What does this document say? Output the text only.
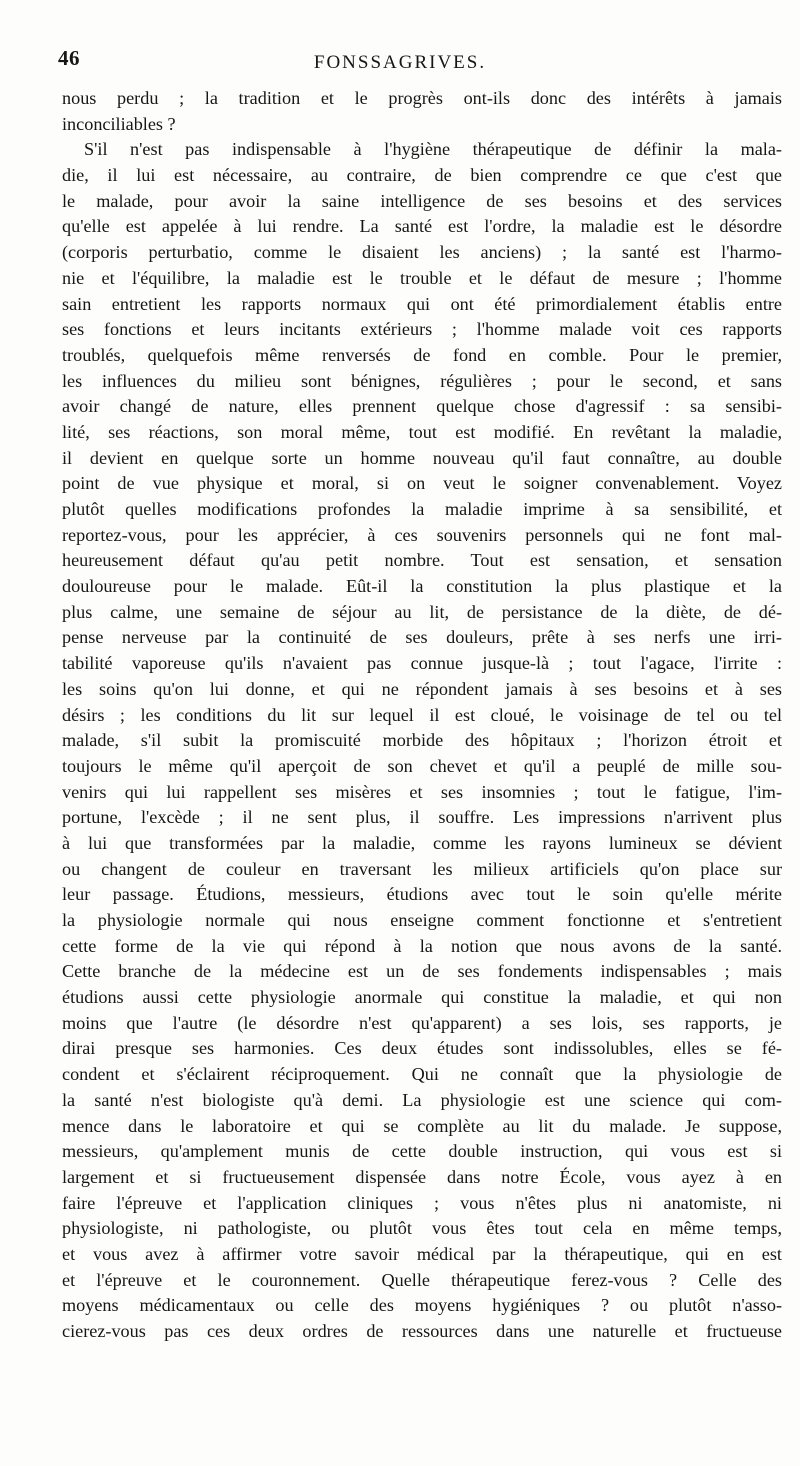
46	FONSSAGRIVES.
nous perdu ; la tradition et le progrès ont-ils donc des intérêts à jamais
inconciliables ?
S'il n'est pas indispensable à l'hygiène thérapeutique de définir la mala-
die, il lui est nécessaire, au contraire, de bien comprendre ce que c'est que
le malade, pour avoir la saine intelligence de ses besoins et des services
qu'elle est appelée à lui rendre. La santé est l'ordre, la maladie est le désordre
(corporis perturbatio, comme le disaient les anciens) ; la santé est l'harmo-
nie et l'équilibre, la maladie est le trouble et le défaut de mesure ; l'homme
sain entretient les rapports normaux qui ont été primordialement établis entre
ses fonctions et leurs incitants extérieurs ; l'homme malade voit ces rapports
troublés, quelquefois même renversés de fond en comble. Pour le premier,
les influences du milieu sont bénignes, régulières ; pour le second, et sans
avoir changé de nature, elles prennent quelque chose d'agressif : sa sensibi-
lité, ses réactions, son moral même, tout est modifié. En revêtant la maladie,
il devient en quelque sorte un homme nouveau qu'il faut connaître, au double
point de vue physique et moral, si on veut le soigner convenablement. Voyez
plutôt quelles modifications profondes la maladie imprime à sa sensibilité, et
reportez-vous, pour les apprécier, à ces souvenirs personnels qui ne font mal-
heureusement défaut qu'au petit nombre. Tout est sensation, et sensation
douloureuse pour le malade. Eût-il la constitution la plus plastique et la
plus calme, une semaine de séjour au lit, de persistance de la diète, de dé-
pense nerveuse par la continuité de ses douleurs, prête à ses nerfs une irri-
tabilité vaporeuse qu'ils n'avaient pas connue jusque-là ; tout l'agace, l'irrite :
les soins qu'on lui donne, et qui ne répondent jamais à ses besoins et à ses
désirs ; les conditions du lit sur lequel il est cloué, le voisinage de tel ou tel
malade, s'il subit la promiscuité morbide des hôpitaux ; l'horizon étroit et
toujours le même qu'il aperçoit de son chevet et qu'il a peuplé de mille sou-
venirs qui lui rappellent ses misères et ses insomnies ; tout le fatigue, l'im-
portune, l'excède ; il ne sent plus, il souffre. Les impressions n'arrivent plus
à lui que transformées par la maladie, comme les rayons lumineux se dévient
ou changent de couleur en traversant les milieux artificiels qu'on place sur
leur passage. Étudions, messieurs, étudions avec tout le soin qu'elle mérite
la physiologie normale qui nous enseigne comment fonctionne et s'entretient
cette forme de la vie qui répond à la notion que nous avons de la santé.
Cette branche de la médecine est un de ses fondements indispensables ; mais
étudions aussi cette physiologie anormale qui constitue la maladie, et qui non
moins que l'autre (le désordre n'est qu'apparent) a ses lois, ses rapports, je
dirai presque ses harmonies. Ces deux études sont indissolubles, elles se fé-
condent et s'éclairent réciproquement. Qui ne connaît que la physiologie de
la santé n'est biologiste qu'à demi. La physiologie est une science qui com-
mence dans le laboratoire et qui se complète au lit du malade. Je suppose,
messieurs, qu'amplement munis de cette double instruction, qui vous est si
largement et si fructueusement dispensée dans notre École, vous ayez à en
faire l'épreuve et l'application cliniques ; vous n'êtes plus ni anatomiste, ni
physiologiste, ni pathologiste, ou plutôt vous êtes tout cela en même temps,
et vous avez à affirmer votre savoir médical par la thérapeutique, qui en est
et l'épreuve et le couronnement. Quelle thérapeutique ferez-vous ? Celle des
moyens médicamentaux ou celle des moyens hygiéniques ? ou plutôt n'asso-
cierez-vous pas ces deux ordres de ressources dans une naturelle et fructueuse
